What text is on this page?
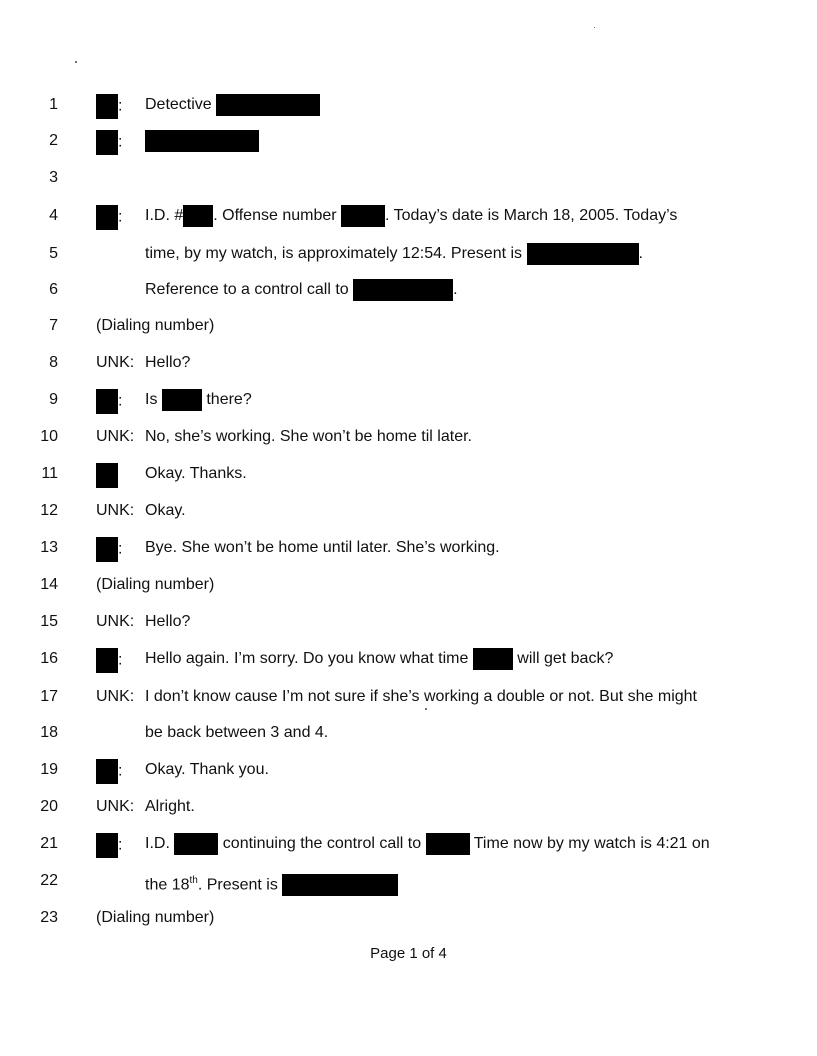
1	: Detective
2	:
3
4	: I.D. # . Offense number	. Today’s date is March 18, 2005. Today’s
5	time, by my watch, is approximately 12:54. Present is	.
6	Reference to a control call to	.
7 (Dialing number)
8 UNK: Hello?
9	: Is	there?
10 UNK: No, she’s working. She won’t be home til later.
11	Okay. Thanks.
12 UNK: Okay.
13	: Bye. She won’t be home until later. She’s working.
14 (Dialing number)
15 UNK: Hello?
16	: Hello again. I’m sorry. Do you know what time	will get back?
17 UNK: I don’t know cause I’m not sure if she’s working a double or not. But she might
18	be back between 3 and 4.
19	: Okay. Thank you.
20 UNK: Alright.
21	: I.D.	continuing the control call to	Time now by my watch is 4:21 on
22	the 18th. Present is
23 (Dialing number)
Page 1 of 4
